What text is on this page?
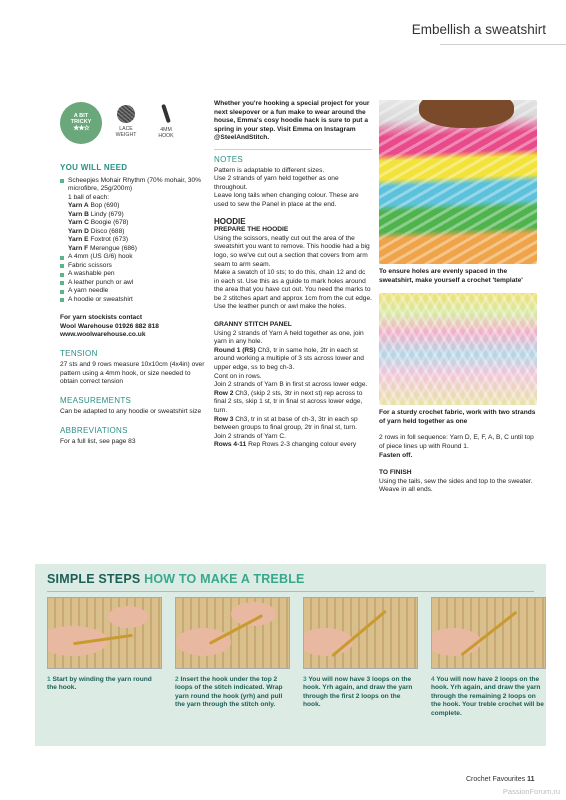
Embellish a sweatshirt
A BIT
TRICKY
★★☆	LACE
WEIGHT
4MM
HOOK
YOU WILL NEED
Scheepjes Mohair Rhythm (70% mohair, 30% microfibre, 25g/200m)
1 ball of each:
Yarn A Bop (690)
Yarn B Lindy (679)
Yarn C Boogie (678)
Yarn D Disco (688)
Yarn E Foxtrot (673)
Yarn F Merengue (686)
A 4mm (US G/6) hook
Fabric scissors
A washable pen
A leather punch or awl
A yarn needle
A hoodie or sweatshirt
For yarn stockists contact
Wool Warehouse 01926 882 818
www.woolwarehouse.co.uk
TENSION
27 sts and 9 rows measure 10x10cm (4x4in) over pattern using a 4mm hook, or size needed to obtain correct tension
MEASUREMENTS
Can be adapted to any hoodie or sweatshirt size
ABBREVIATIONS
For a full list, see page 83

Whether you're hooking a special project for your next sleepover or a fun make to wear around the house, Emma's cosy hoodie hack is sure to put a spring in your step. Visit Emma on Instagram @SteelAndStitch.

NOTES

Pattern is adaptable to different sizes.

Use 2 strands of yarn held together as one throughout.

Leave long tails when changing colour. These are used to sew the Panel in place at the end.

HOODIE
PREPARE THE HOODIE

Using the scissors, neatly cut out the area of the sweatshirt you want to remove. This hoodie had a big logo, so we've cut out a section that covers from arm seam to arm seam.

Make a swatch of 10 sts; to do this, chain 12 and dc in each st. Use this as a guide to mark holes around the area that you have cut out. You need the marks to be 2 stitches apart and approx 1cm from the cut edge.

Use the leather punch or awl make the holes.

GRANNY STITCH PANEL

Using 2 strands of Yarn A held together as one, join yarn in any hole.

Round 1 (RS) Ch3, tr in same hole, 2tr in each st around working a multiple of 3 sts across lower and upper edge, ss to beg ch-3.

Cont on in rows.

Join 2 strands of Yarn B in first st across lower edge.

Row 2 Ch3, (skip 2 sts, 3tr in next st) rep across to final 2 sts, skip 1 st, tr in final st across lower edge, turn.

Row 3 Ch3, tr in st at base of ch-3, 3tr in each sp between groups to final group, 2tr in final st, turn.

Join 2 strands of Yarn C.

Rows 4-11 Rep Rows 2-3 changing colour every

To ensure holes are evenly spaced in the sweatshirt, make yourself a crochet 'template'
For a sturdy crochet fabric, work with two strands of yarn held together as one

2 rows in foll sequence: Yarn D, E, F, A, B, C until top of piece lines up with Round 1.

Fasten off.

TO FINISH

Using the tails, sew the sides and top to the sweater.

Weave in all ends.

SIMPLE STEPS HOW TO MAKE A TREBLE
1 Start by winding the yarn round the hook.
2 Insert the hook under the top 2 loops of the stitch indicated. Wrap yarn round the hook (yrh) and pull the yarn through the stitch only.
3 You will now have 3 loops on the hook. Yrh again, and draw the yarn through the first 2 loops on the hook.
4 You will now have 2 loops on the hook. Yrh again, and draw the yarn through the remaining 2 loops on the hook. Your treble crochet will be complete.
Crochet Favourites 11
PassionForum.ru
